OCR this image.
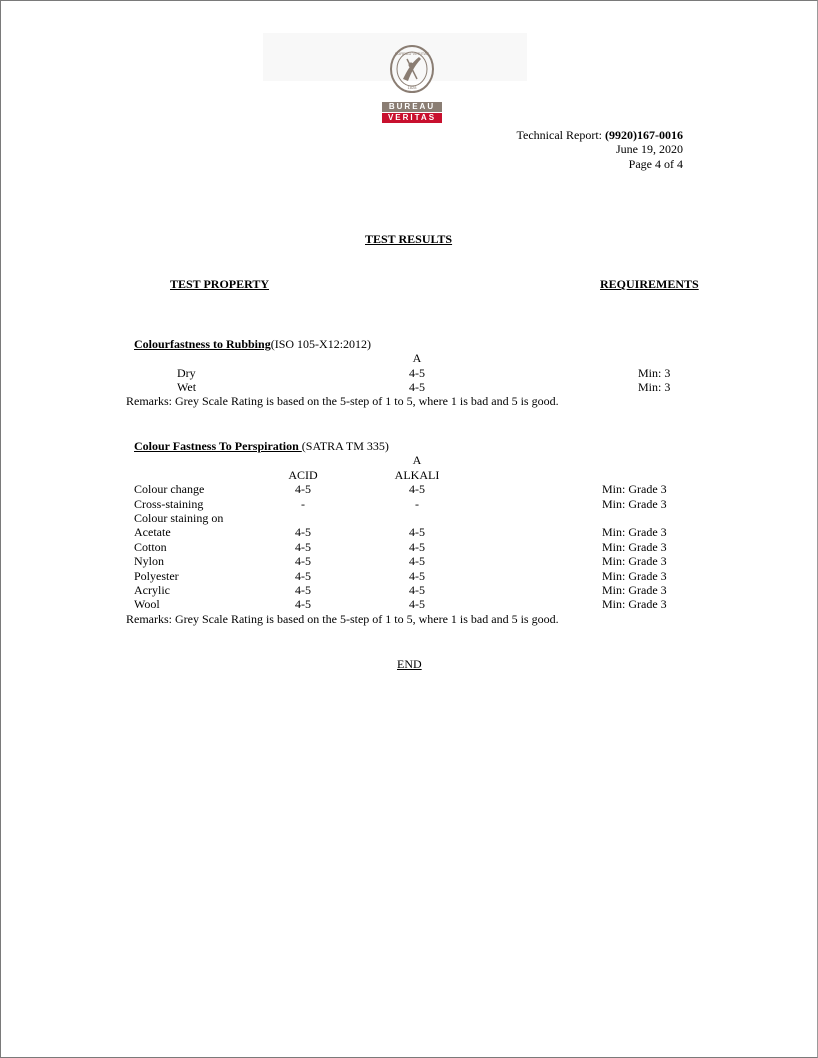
BUREAU VERITAS
1828
BUREAU
VERITAS
Technical Report: (9920)167-0016
June 19, 2020
Page 4 of 4
TEST RESULTS
TEST PROPERTY	REQUIREMENTS
Colourfastness to Rubbing(ISO 105-X12:2012)
A
Dry	4-5	Min: 3
Wet	4-5	Min: 3
Remarks: Grey Scale Rating is based on the 5-step of 1 to 5, where 1 is bad and 5 is good.
Colour Fastness To Perspiration (SATRA TM 335)
A
ACID	ALKALI
Colour change	4-5	4-5	Min: Grade 3
Cross-staining	-	-	Min: Grade 3
Colour staining on
Acetate	4-5	4-5	Min: Grade 3
Cotton	4-5	4-5	Min: Grade 3
Nylon	4-5	4-5	Min: Grade 3
Polyester	4-5	4-5	Min: Grade 3
Acrylic	4-5	4-5	Min: Grade 3
Wool	4-5	4-5	Min: Grade 3
Remarks: Grey Scale Rating is based on the 5-step of 1 to 5, where 1 is bad and 5 is good.
END
